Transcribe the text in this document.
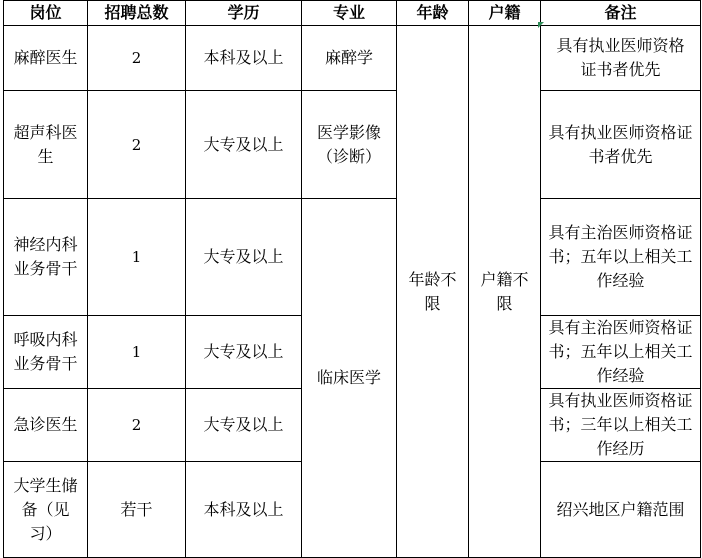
岗位	招聘总数	学历	专业	年龄	户籍	备注
麻醉医生	2	本科及以上	麻醉学	年龄不限	户籍不限	具有执业医师资格证书者优先
超声科医生	2	大专及以上	医学影像（诊断）			具有执业医师资格证书者优先
神经内科业务骨干	1	大专及以上	临床医学			具有主治医师资格证书；五年以上相关工作经验
呼吸内科业务骨干	1	大专及以上				具有主治医师资格证书；五年以上相关工作经验
急诊医生	2	大专及以上				具有执业医师资格证书；三年以上相关工作经历
大学生储备（见习）	若干	本科及以上				绍兴地区户籍范围
